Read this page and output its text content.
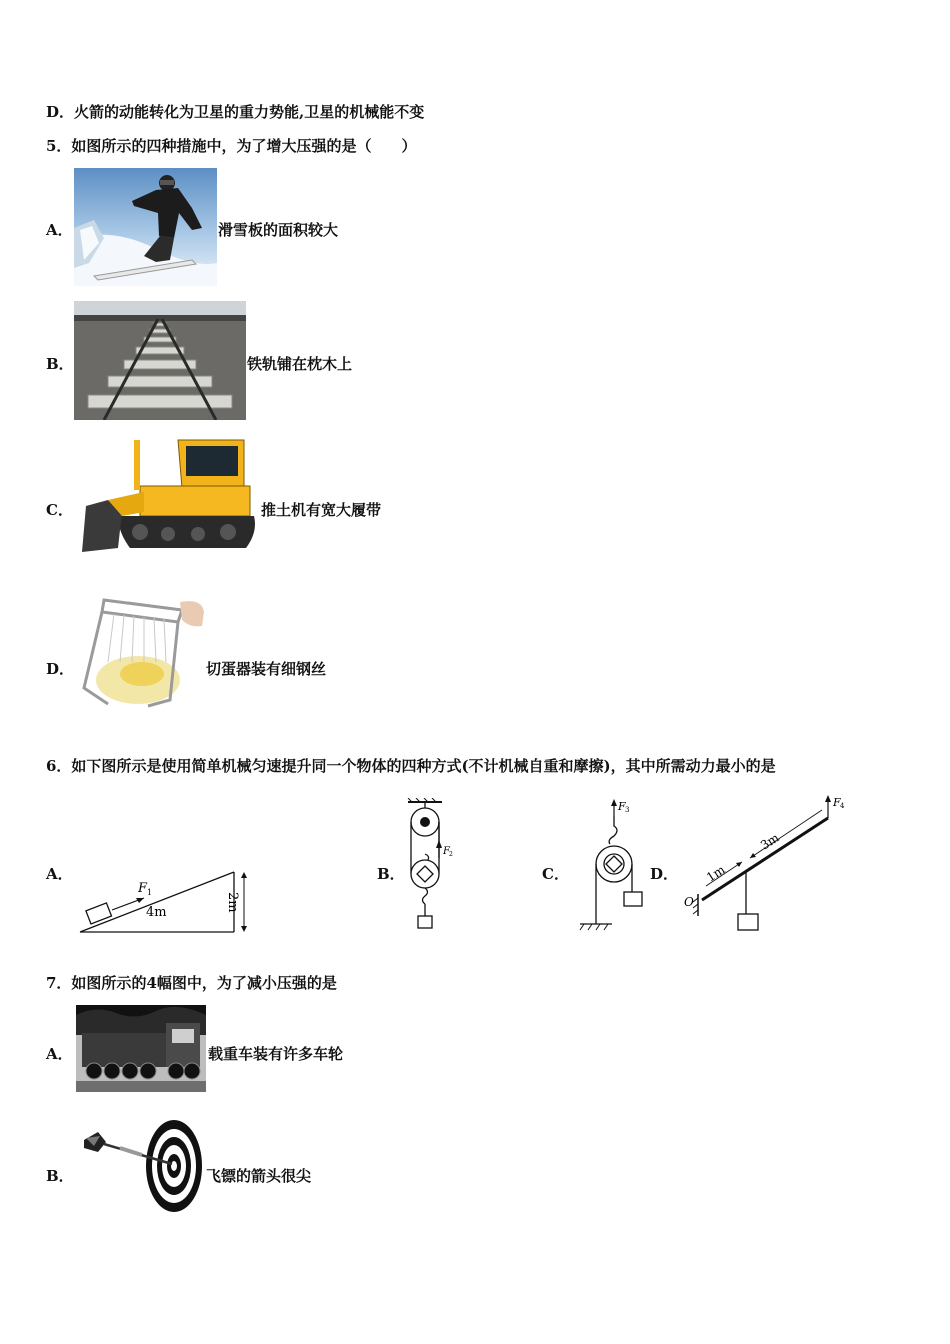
D．火箭的动能转化为卫星的重力势能,卫星的机械能不变
5．如图所示的四种措施中，为了增大压强的是（　　）
A．	滑雪板的面积较大
B．	铁轨铺在枕木上
C．	推土机有宽大履带
D．	切蛋器装有细钢丝
6．如下图所示是使用简单机械匀速提升同一个物体的四种方式(不计机械自重和摩擦)，其中所需动力最小的是
A．
F 1
4m	2m
B．
F 2
C．
F 3
D．
O
1m
3m
F 4
7．如图所示的4幅图中，为了减小压强的是
A．	载重车装有许多车轮
B．	飞镖的箭头很尖
